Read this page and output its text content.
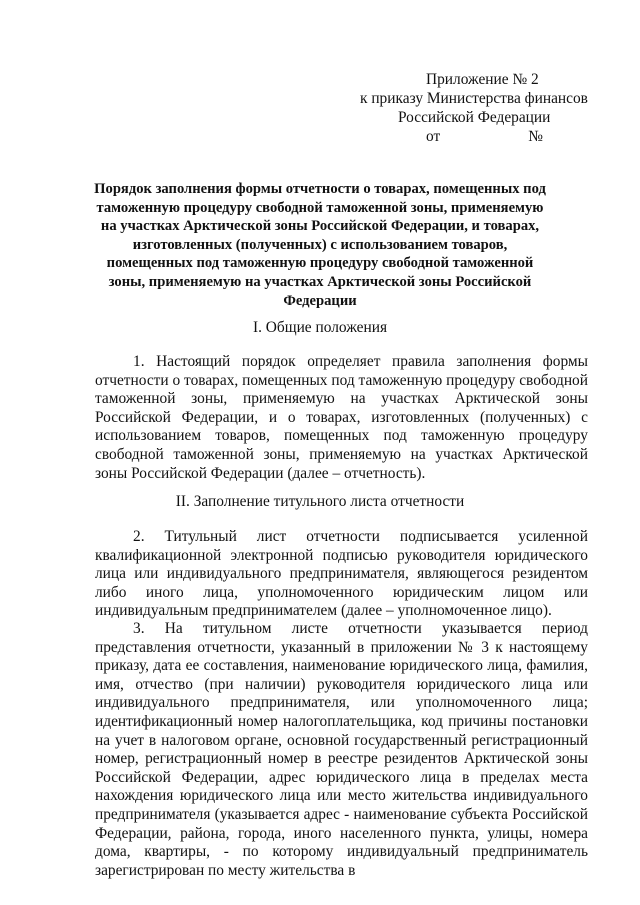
Приложение № 2
к приказу Министерства финансов
Российской Федерации
от	№
Порядок заполнения формы отчетности о товарах, помещенных под таможенную процедуру свободной таможенной зоны, применяемую на участках Арктической зоны Российской Федерации, и товарах, изготовленных (полученных) с использованием товаров, помещенных под таможенную процедуру свободной таможенной зоны, применяемую на участках Арктической зоны Российской Федерации
I. Общие положения
1. Настоящий порядок определяет правила заполнения формы отчетности о товарах, помещенных под таможенную процедуру свободной таможенной зоны, применяемую на участках Арктической зоны Российской Федерации, и о товарах, изготовленных (полученных) с использованием товаров, помещенных под таможенную процедуру свободной таможенной зоны, применяемую на участках Арктической зоны Российской Федерации (далее – отчетность).
II. Заполнение титульного листа отчетности
2. Титульный лист отчетности подписывается усиленной квалификационной электронной подписью руководителя юридического лица или индивидуального предпринимателя, являющегося резидентом либо иного лица, уполномоченного юридическим лицом или индивидуальным предпринимателем (далее – уполномоченное лицо).
3. На титульном листе отчетности указывается период представления отчетности, указанный в приложении № 3 к настоящему приказу, дата ее составления, наименование юридического лица, фамилия, имя, отчество (при наличии) руководителя юридического лица или индивидуального предпринимателя, или уполномоченного лица; идентификационный номер налогоплательщика, код причины постановки на учет в налоговом органе, основной государственный регистрационный номер, регистрационный номер в реестре резидентов Арктической зоны Российской Федерации, адрес юридического лица в пределах места нахождения юридического лица или место жительства индивидуального предпринимателя (указывается адрес - наименование субъекта Российской Федерации, района, города, иного населенного пункта, улицы, номера дома, квартиры, - по которому индивидуальный предприниматель зарегистрирован по месту жительства в
